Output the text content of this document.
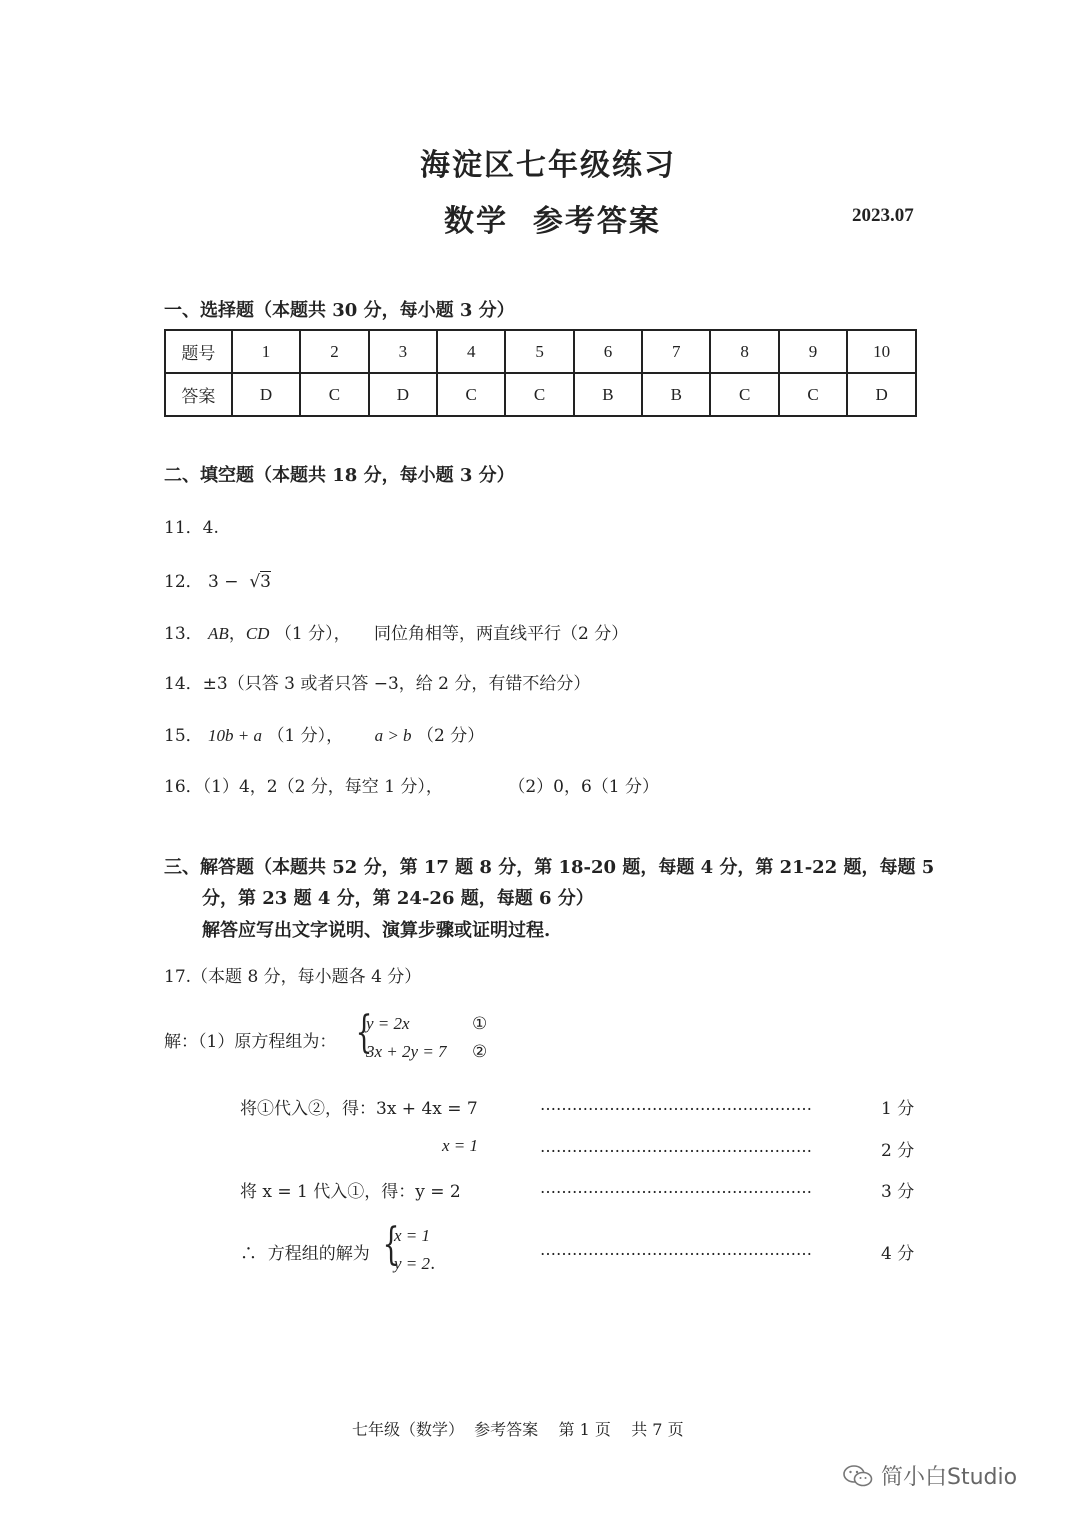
海淀区七年级练习
数学  参考答案	2023.07
一、选择题（本题共 30 分，每小题 3 分）
题号	1	2	3	4	5	6	7	8	9	10
答案	D	C	D	C	C	B	B	C	C	D
二、填空题（本题共 18 分，每小题 3 分）
11．4.
12． 3 −  √3
13． AB，CD （1 分）， 同位角相等，两直线平行（2 分）
14．±3（只答 3 或者只答 −3，给 2 分，有错不给分）
15． 10b + a （1 分）， a > b （2 分）
16．（1）4，2（2 分，每空 1 分），	（2）0，6（1 分）
三、解答题（本题共 52 分，第 17 题 8 分，第 18-20 题，每题 4 分，第 21-22 题，每题 5
分，第 23 题 4 分，第 24-26 题，每题 6 分）
解答应写出文字说明、演算步骤或证明过程.
17.（本题 8 分，每小题各 4 分）
解：（1）原方程组为： {
y = 2x	①
3x + 2y = 7 ②
将①代入②，得：3x + 4x = 7	……………………………………………	1 分
x = 1	……………………………………………	2 分
将 x = 1 代入①，得：y = 2	……………………………………………	3 分
∴  方程组的解为 {
x = 1
y = 2.
……………………………………………	4 分
七年级（数学）  参考答案    第 1 页    共 7 页
简小白Studio
